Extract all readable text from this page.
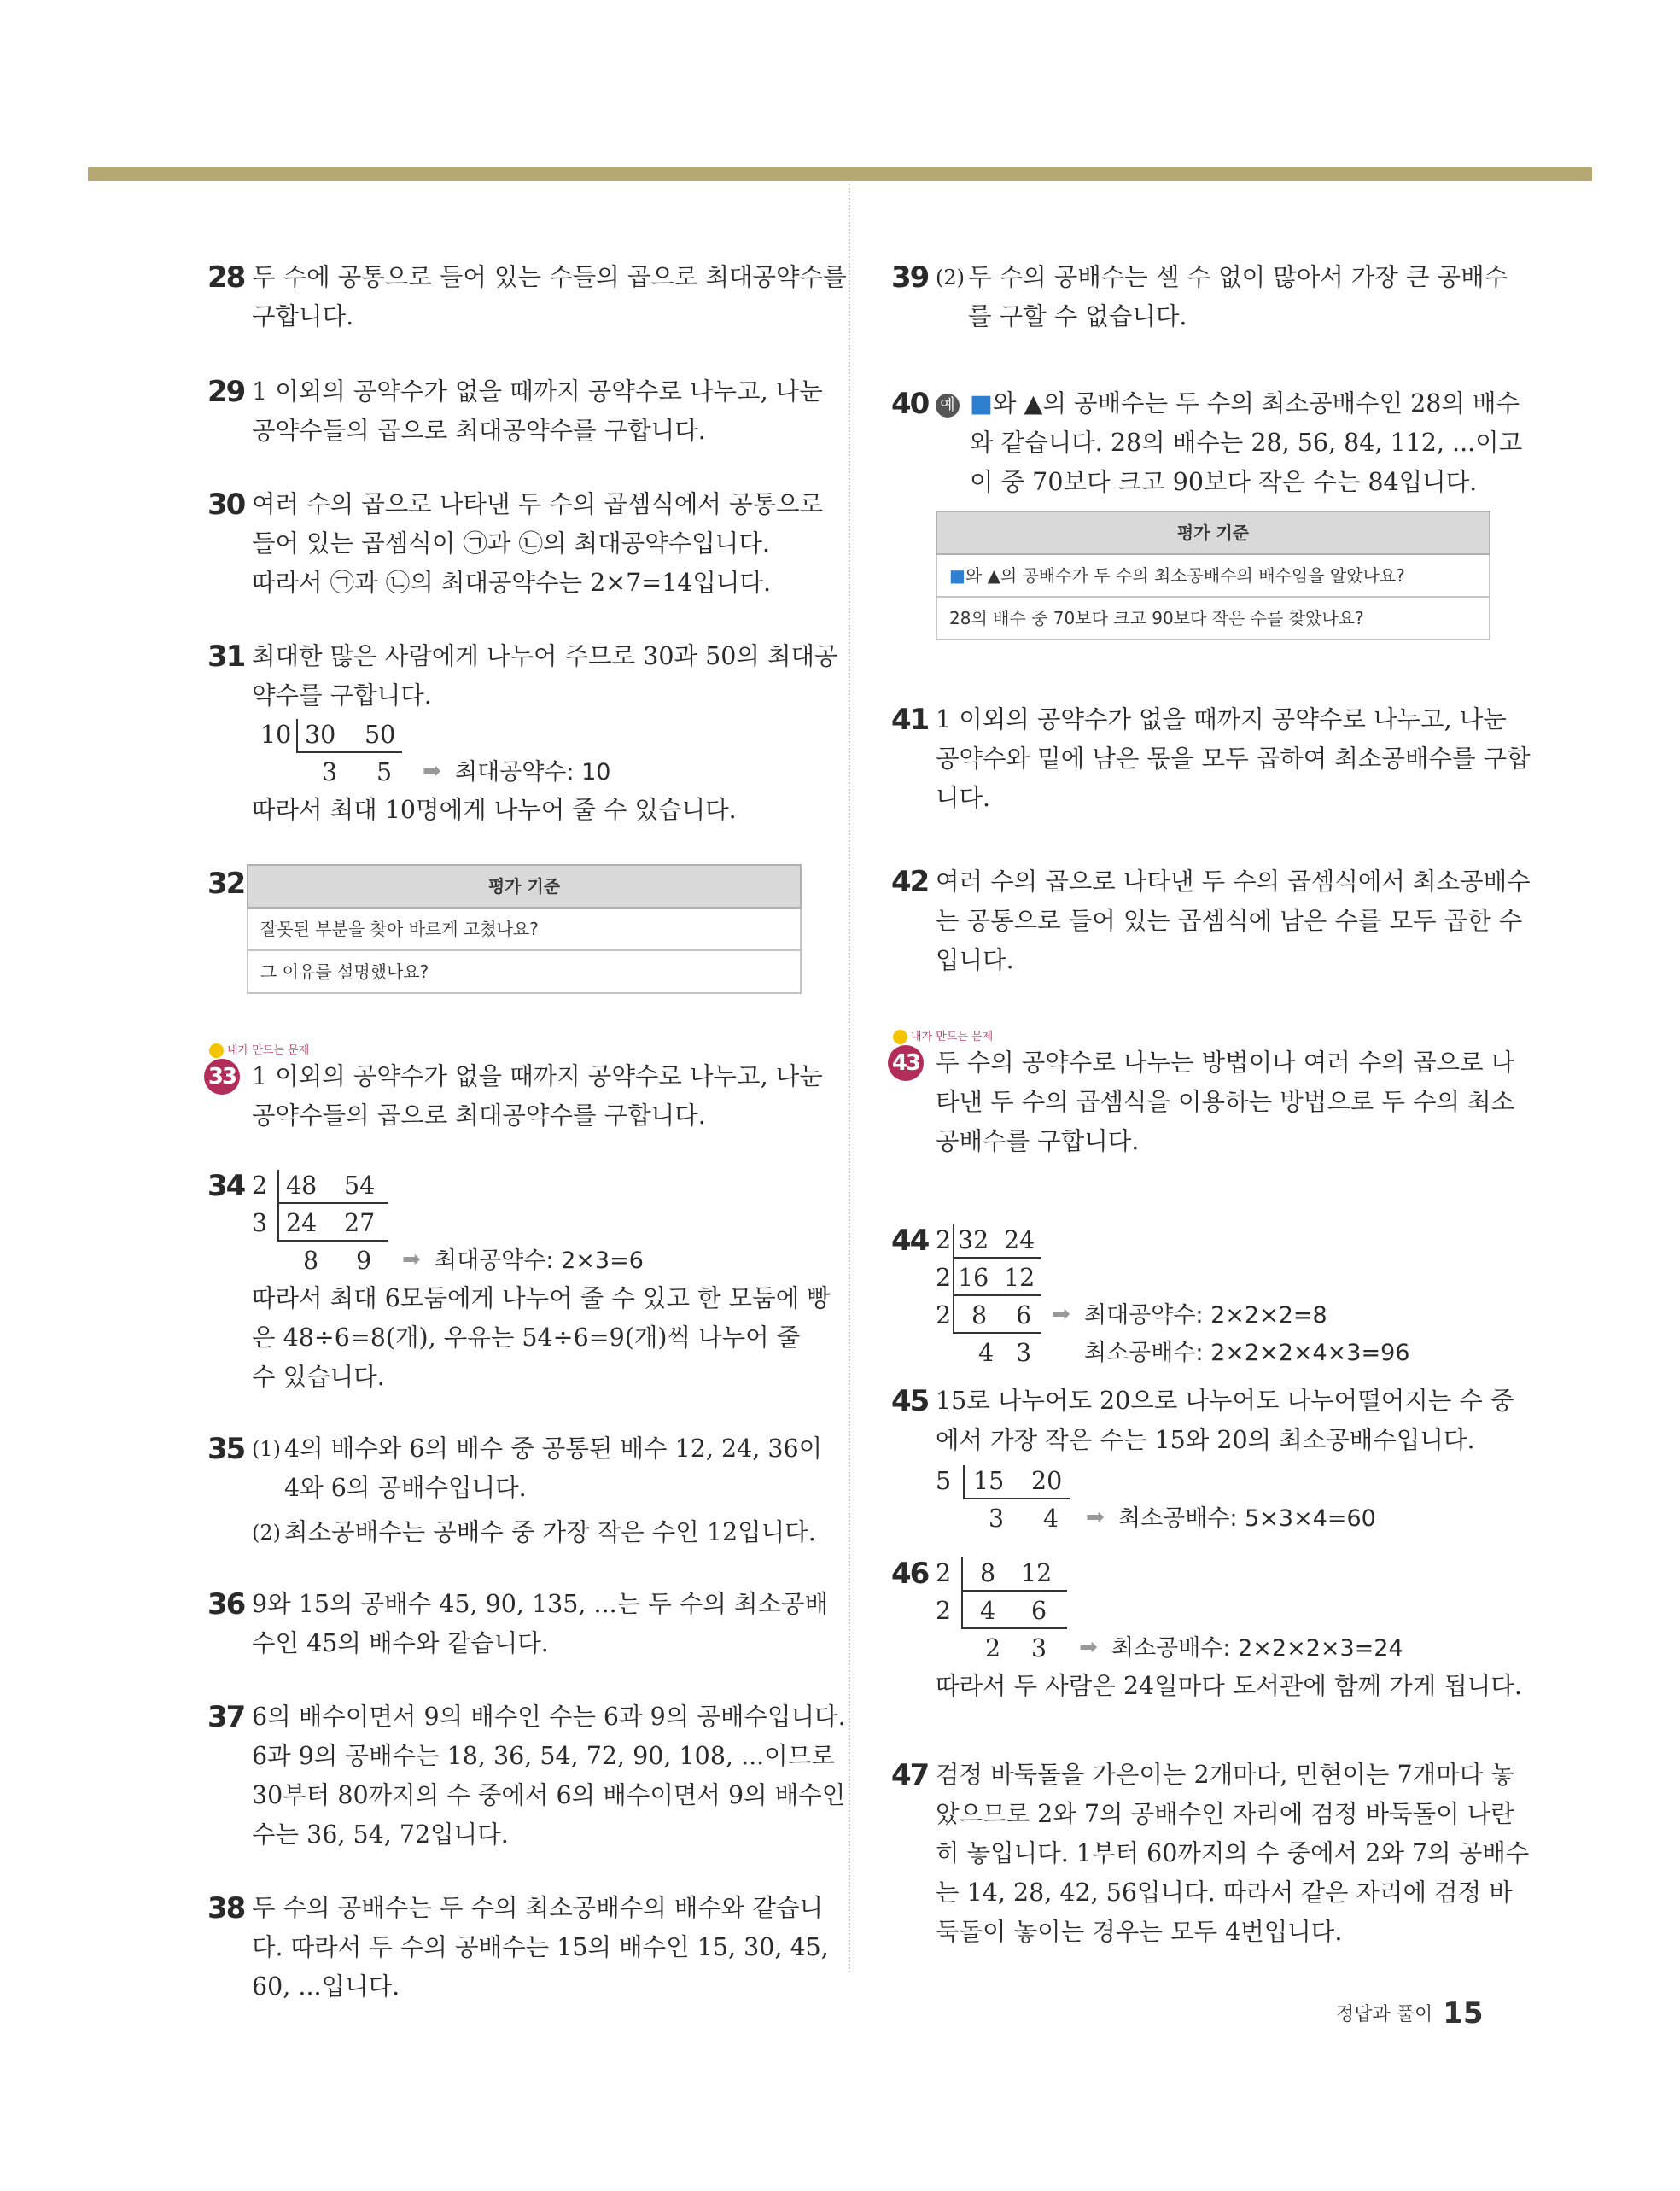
28 두 수에 공통으로 들어 있는 수들의 곱으로 최대공약수를
구합니다.
29 1 이외의 공약수가 없을 때까지 공약수로 나누고, 나눈
공약수들의 곱으로 최대공약수를 구합니다.
30 여러 수의 곱으로 나타낸 두 수의 곱셈식에서 공통으로
들어 있는 곱셈식이 ㉠과 ㉡의 최대공약수입니다.
따라서 ㉠과 ㉡의 최대공약수는 2×7=14입니다.
31 최대한 많은 사람에게 나누어 주므로 30과 50의 최대공
약수를 구합니다.
10 30 50
3 5 ➡ 최대공약수: 10
따라서 최대 10명에게 나누어 줄 수 있습니다.
32	평가 기준
잘못된 부분을 찾아 바르게 고쳤나요?
그 이유를 설명했나요?
내가 만드는 문제
33 1 이외의 공약수가 없을 때까지 공약수로 나누고, 나눈
공약수들의 곱으로 최대공약수를 구합니다.
34 2 48 54
3 24 27
8 9 ➡ 최대공약수: 2×3=6
따라서 최대 6모둠에게 나누어 줄 수 있고 한 모둠에 빵
은 48÷6=8(개), 우유는 54÷6=9(개)씩 나누어 줄
수 있습니다.
35 (1) 4의 배수와 6의 배수 중 공통된 배수 12, 24, 36이
4와 6의 공배수입니다.
(2) 최소공배수는 공배수 중 가장 작은 수인 12입니다.
36 9와 15의 공배수 45, 90, 135, ...는 두 수의 최소공배
수인 45의 배수와 같습니다.
37 6의 배수이면서 9의 배수인 수는 6과 9의 공배수입니다.
6과 9의 공배수는 18, 36, 54, 72, 90, 108, ...이므로
30부터 80까지의 수 중에서 6의 배수이면서 9의 배수인
수는 36, 54, 72입니다.
38 두 수의 공배수는 두 수의 최소공배수의 배수와 같습니
다. 따라서 두 수의 공배수는 15의 배수인 15, 30, 45,
60, ...입니다.
39 (2) 두 수의 공배수는 셀 수 없이 많아서 가장 큰 공배수
를 구할 수 없습니다.
40 예 ■와 ▲의 공배수는 두 수의 최소공배수인 28의 배수
와 같습니다. 28의 배수는 28, 56, 84, 112, ...이고
이 중 70보다 크고 90보다 작은 수는 84입니다.
평가 기준
■와 ▲의 공배수가 두 수의 최소공배수의 배수임을 알았나요?
28의 배수 중 70보다 크고 90보다 작은 수를 찾았나요?
41 1 이외의 공약수가 없을 때까지 공약수로 나누고, 나눈
공약수와 밑에 남은 몫을 모두 곱하여 최소공배수를 구합
니다.
42 여러 수의 곱으로 나타낸 두 수의 곱셈식에서 최소공배수
는 공통으로 들어 있는 곱셈식에 남은 수를 모두 곱한 수
입니다.
내가 만드는 문제
43 두 수의 공약수로 나누는 방법이나 여러 수의 곱으로 나
타낸 두 수의 곱셈식을 이용하는 방법으로 두 수의 최소
공배수를 구합니다.
44 2 32 24
2 16 12
2 8 6 ➡ 최대공약수: 2×2×2=8
4 3 최소공배수: 2×2×2×4×3=96
45 15로 나누어도 20으로 나누어도 나누어떨어지는 수 중
에서 가장 작은 수는 15와 20의 최소공배수입니다.
5 15 20
3 4 ➡ 최소공배수: 5×3×4=60
46 2 8 12
2 4 6
2 3 ➡ 최소공배수: 2×2×2×3=24
따라서 두 사람은 24일마다 도서관에 함께 가게 됩니다.
47 검정 바둑돌을 가은이는 2개마다, 민현이는 7개마다 놓
았으므로 2와 7의 공배수인 자리에 검정 바둑돌이 나란
히 놓입니다. 1부터 60까지의 수 중에서 2와 7의 공배수
는 14, 28, 42, 56입니다. 따라서 같은 자리에 검정 바
둑돌이 놓이는 경우는 모두 4번입니다.
정답과 풀이 15
